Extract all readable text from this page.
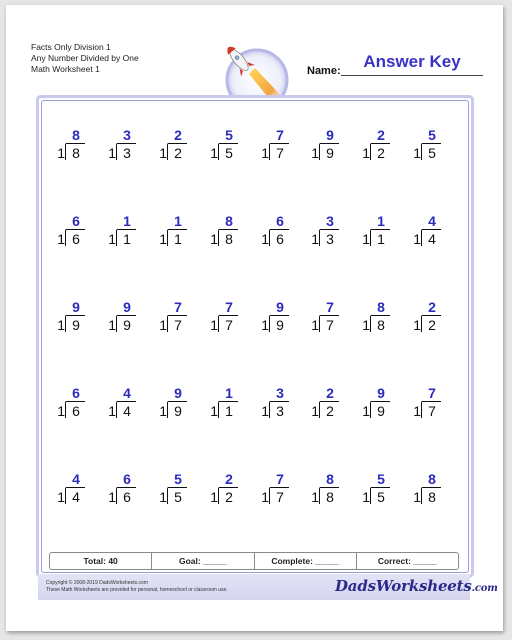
Facts Only Division 1
Any Number Divided by One
Math Worksheet 1	Name:	Answer Key
8
1 8
3
1 3
2
1 2
5
1 5
7
1 7
9
1 9
2
1 2
5
1 5
6
1 6
1
1 1
1
1 1
8
1 8
6
1 6
3
1 3
1
1 1
4
1 4
9
1 9
9
1 9
7
1 7
7
1 7
9
1 9
7
1 7
8
1 8
2
1 2
6
1 6
4
1 4
9
1 9
1
1 1
3
1 3
2
1 2
9
1 9
7
1 7
4
1 4
6
1 6
5
1 5
2
1 2
7
1 7
8
1 8
5
1 5
8
1 8
Total: 40	Goal: _____	Complete: _____	Correct: _____
Copyright © 2008-2019 DadsWorksheets.com
These Math Worksheets are provided for personal, homeschool or classroom use.	DadsWorksheets.com
